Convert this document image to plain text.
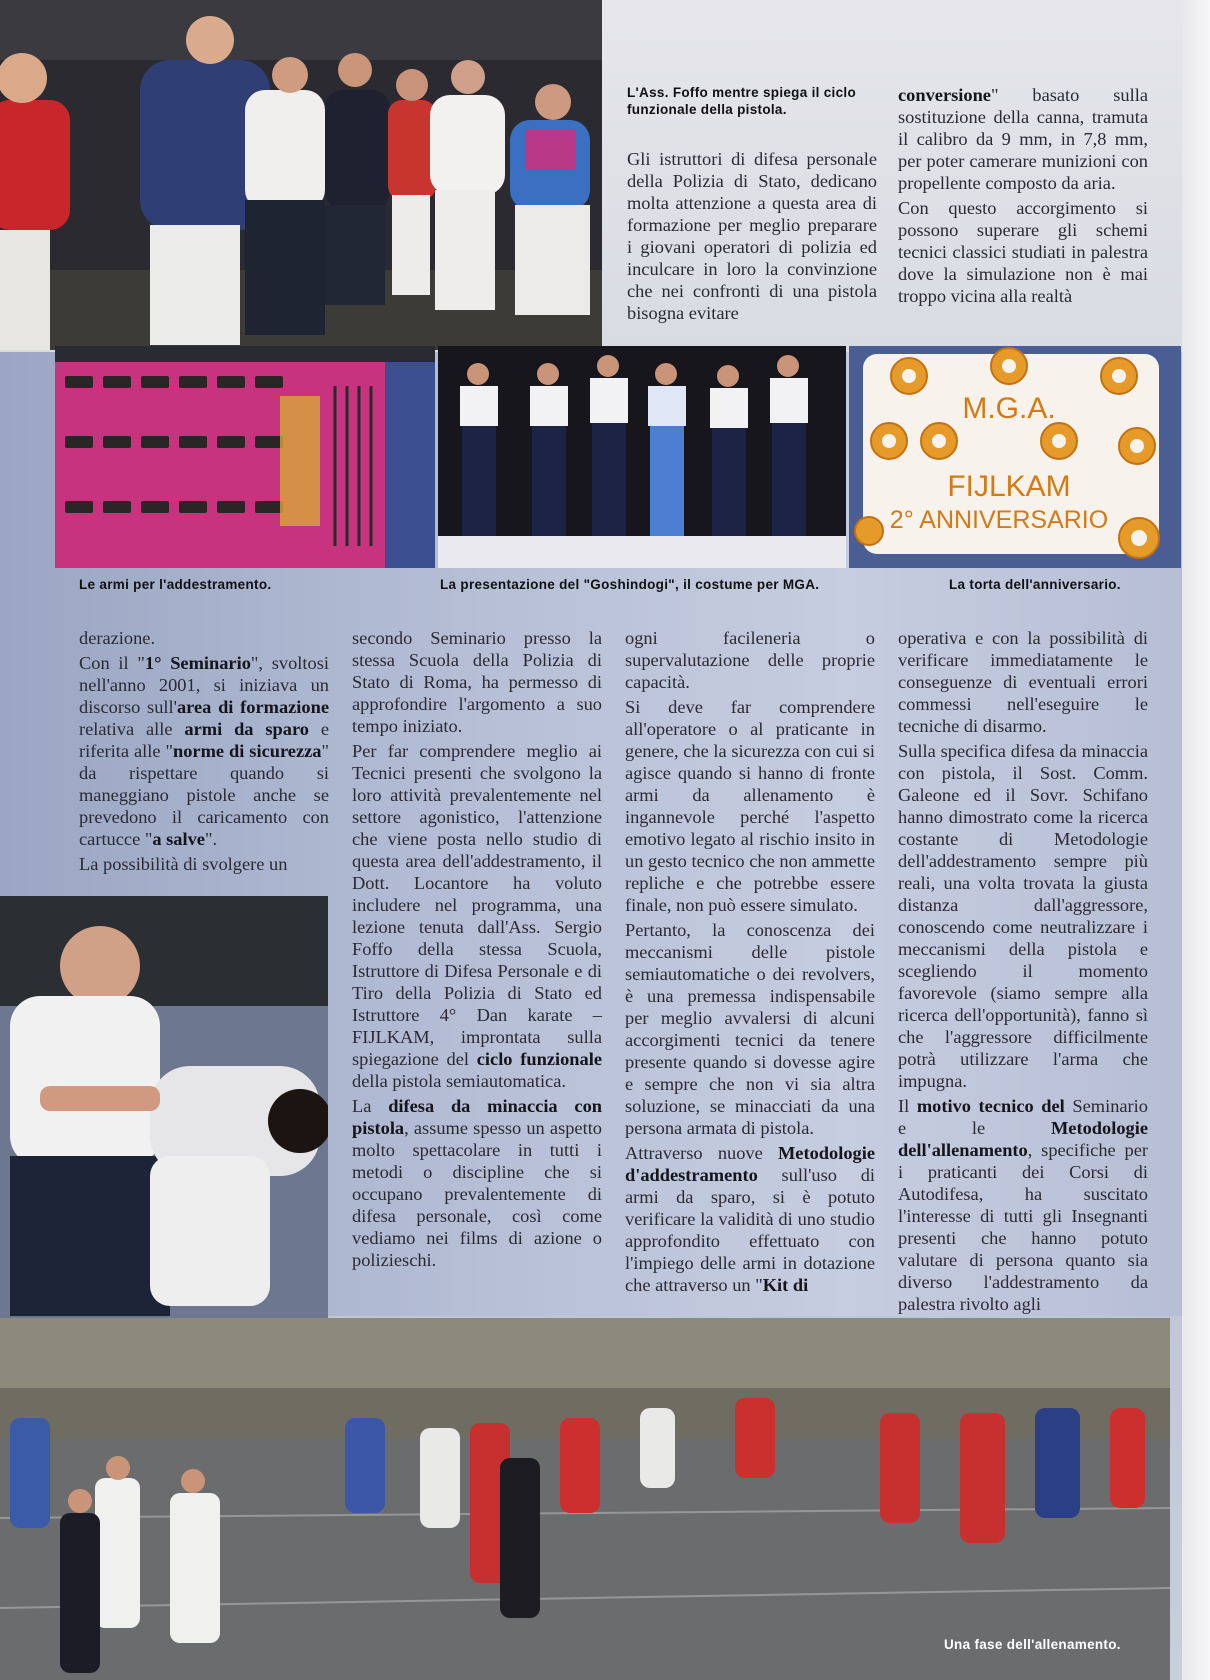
L'Ass. Foffo mentre spiega il ciclo funzionale della pistola.

Gli istruttori di difesa personale della Polizia di Stato, dedicano molta attenzione a questa area di formazione per meglio preparare i giovani operatori di polizia ed inculcare in loro la convinzione che nei confronti di una pistola bisogna evitare

conversione" basato sulla sostituzione della canna, tramuta il calibro da 9 mm, in 7,8 mm, per poter camerare munizioni con propellente composto da aria.

Con questo accorgimento si possono superare gli schemi tecnici classici studiati in palestra dove la simulazione non è mai troppo vicina alla realtà

M.G.A.
FIJLKAM
2° ANNIVERSARIO
Le armi per l'addestramento.	La presentazione del "Goshindogi", il costume per MGA.	La torta dell'anniversario.

derazione.

Con il "1° Seminario", svoltosi nell'anno 2001, si iniziava un discorso sull'area di formazione relativa alle armi da sparo e riferita alle "norme di sicurezza" da rispettare quando si maneggiano pistole anche se prevedono il caricamento con cartucce "a salve".

La possibilità di svolgere un

secondo Seminario presso la stessa Scuola della Polizia di Stato di Roma, ha permesso di approfondire l'argomento a suo tempo iniziato.

Per far comprendere meglio ai Tecnici presenti che svolgono la loro attività prevalentemente nel settore agonistico, l'attenzione che viene posta nello studio di questa area dell'addestramento, il Dott. Locantore ha voluto includere nel programma, una lezione tenuta dall'Ass. Sergio Foffo della stessa Scuola, Istruttore di Difesa Personale e di Tiro della Polizia di Stato ed Istruttore 4° Dan karate – FIJLKAM, improntata sulla spiegazione del ciclo funzionale della pistola semiautomatica.

La difesa da minaccia con pistola, assume spesso un aspetto molto spettacolare in tutti i metodi o discipline che si occupano prevalentemente di difesa personale, così come vediamo nei films di azione o polizieschi.

ogni facileneria o supervalutazione delle proprie capacità.

Si deve far comprendere all'operatore o al praticante in genere, che la sicurezza con cui si agisce quando si hanno di fronte armi da allenamento è ingannevole perché l'aspetto emotivo legato al rischio insito in un gesto tecnico che non ammette repliche e che potrebbe essere finale, non può essere simulato.

Pertanto, la conoscenza dei meccanismi delle pistole semiautomatiche o dei revolvers, è una premessa indispensabile per meglio avvalersi di alcuni accorgimenti tecnici da tenere presente quando si dovesse agire e sempre che non vi sia altra soluzione, se minacciati da una persona armata di pistola.

Attraverso nuove Metodologie d'addestramento sull'uso di armi da sparo, si è potuto verificare la validità di uno studio approfondito effettuato con l'impiego delle armi in dotazione che attraverso un "Kit di

operativa e con la possibilità di verificare immediatamente le conseguenze di eventuali errori commessi nell'eseguire le tecniche di disarmo.

Sulla specifica difesa da minaccia con pistola, il Sost. Comm. Galeone ed il Sovr. Schifano hanno dimostrato come la ricerca costante di Metodologie dell'addestramento sempre più reali, una volta trovata la giusta distanza dall'aggressore, conoscendo come neutralizzare i meccanismi della pistola e scegliendo il momento favorevole (siamo sempre alla ricerca dell'opportunità), fanno sì che l'aggressore difficilmente potrà utilizzare l'arma che impugna.

Il motivo tecnico del Seminario e le Metodologie dell'allenamento, specifiche per i praticanti dei Corsi di Autodifesa, ha suscitato l'interesse di tutti gli Insegnanti presenti che hanno potuto valutare di persona quanto sia diverso l'addestramento da palestra rivolto agli

Una fase dell'allenamento.
